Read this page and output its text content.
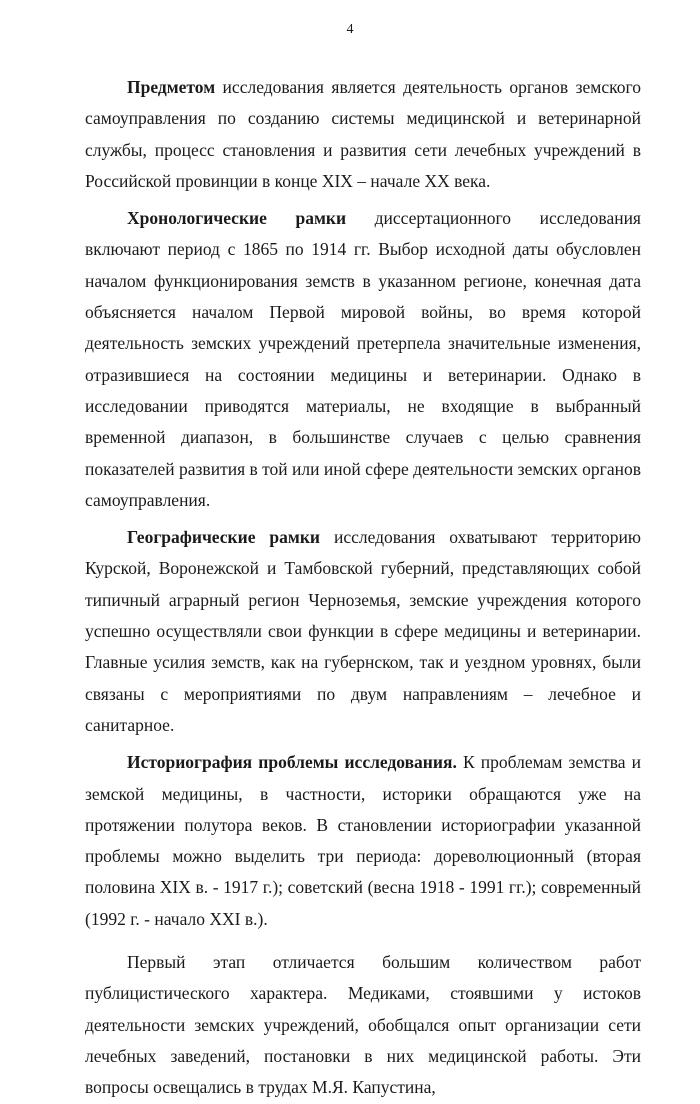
4

Предметом исследования является деятельность органов земского самоуправления по созданию системы медицинской и ветеринарной службы, процесс становления и развития сети лечебных учреждений в Российской провинции в конце XIX – начале XX века.

Хронологические рамки диссертационного исследования включают период с 1865 по 1914 гг. Выбор исходной даты обусловлен началом функционирования земств в указанном регионе, конечная дата объясняется началом Первой мировой войны, во время которой деятельность земских учреждений претерпела значительные изменения, отразившиеся на состоянии медицины и ветеринарии. Однако в исследовании приводятся материалы, не входящие в выбранный временной диапазон, в большинстве случаев с целью сравнения показателей развития в той или иной сфере деятельности земских органов самоуправления.

Географические рамки исследования охватывают территорию Курской, Воронежской и Тамбовской губерний, представляющих собой типичный аграрный регион Черноземья, земские учреждения которого успешно осуществляли свои функции в сфере медицины и ветеринарии. Главные усилия земств, как на губернском, так и уездном уровнях, были связаны с мероприятиями по двум направлениям – лечебное и санитарное.

Историография проблемы исследования. К проблемам земства и земской медицины, в частности, историки обращаются уже на протяжении полутора веков. В становлении историографии указанной проблемы можно выделить три периода: дореволюционный (вторая половина XIX в. - 1917 г.); советский (весна 1918 - 1991 гг.); современный (1992 г. - начало XXI в.).

Первый этап отличается большим количеством работ публицистического характера. Медиками, стоявшими у истоков деятельности земских учреждений, обобщался опыт организации сети лечебных заведений, постановки в них медицинской работы. Эти вопросы освещались в трудах М.Я. Капустина,
